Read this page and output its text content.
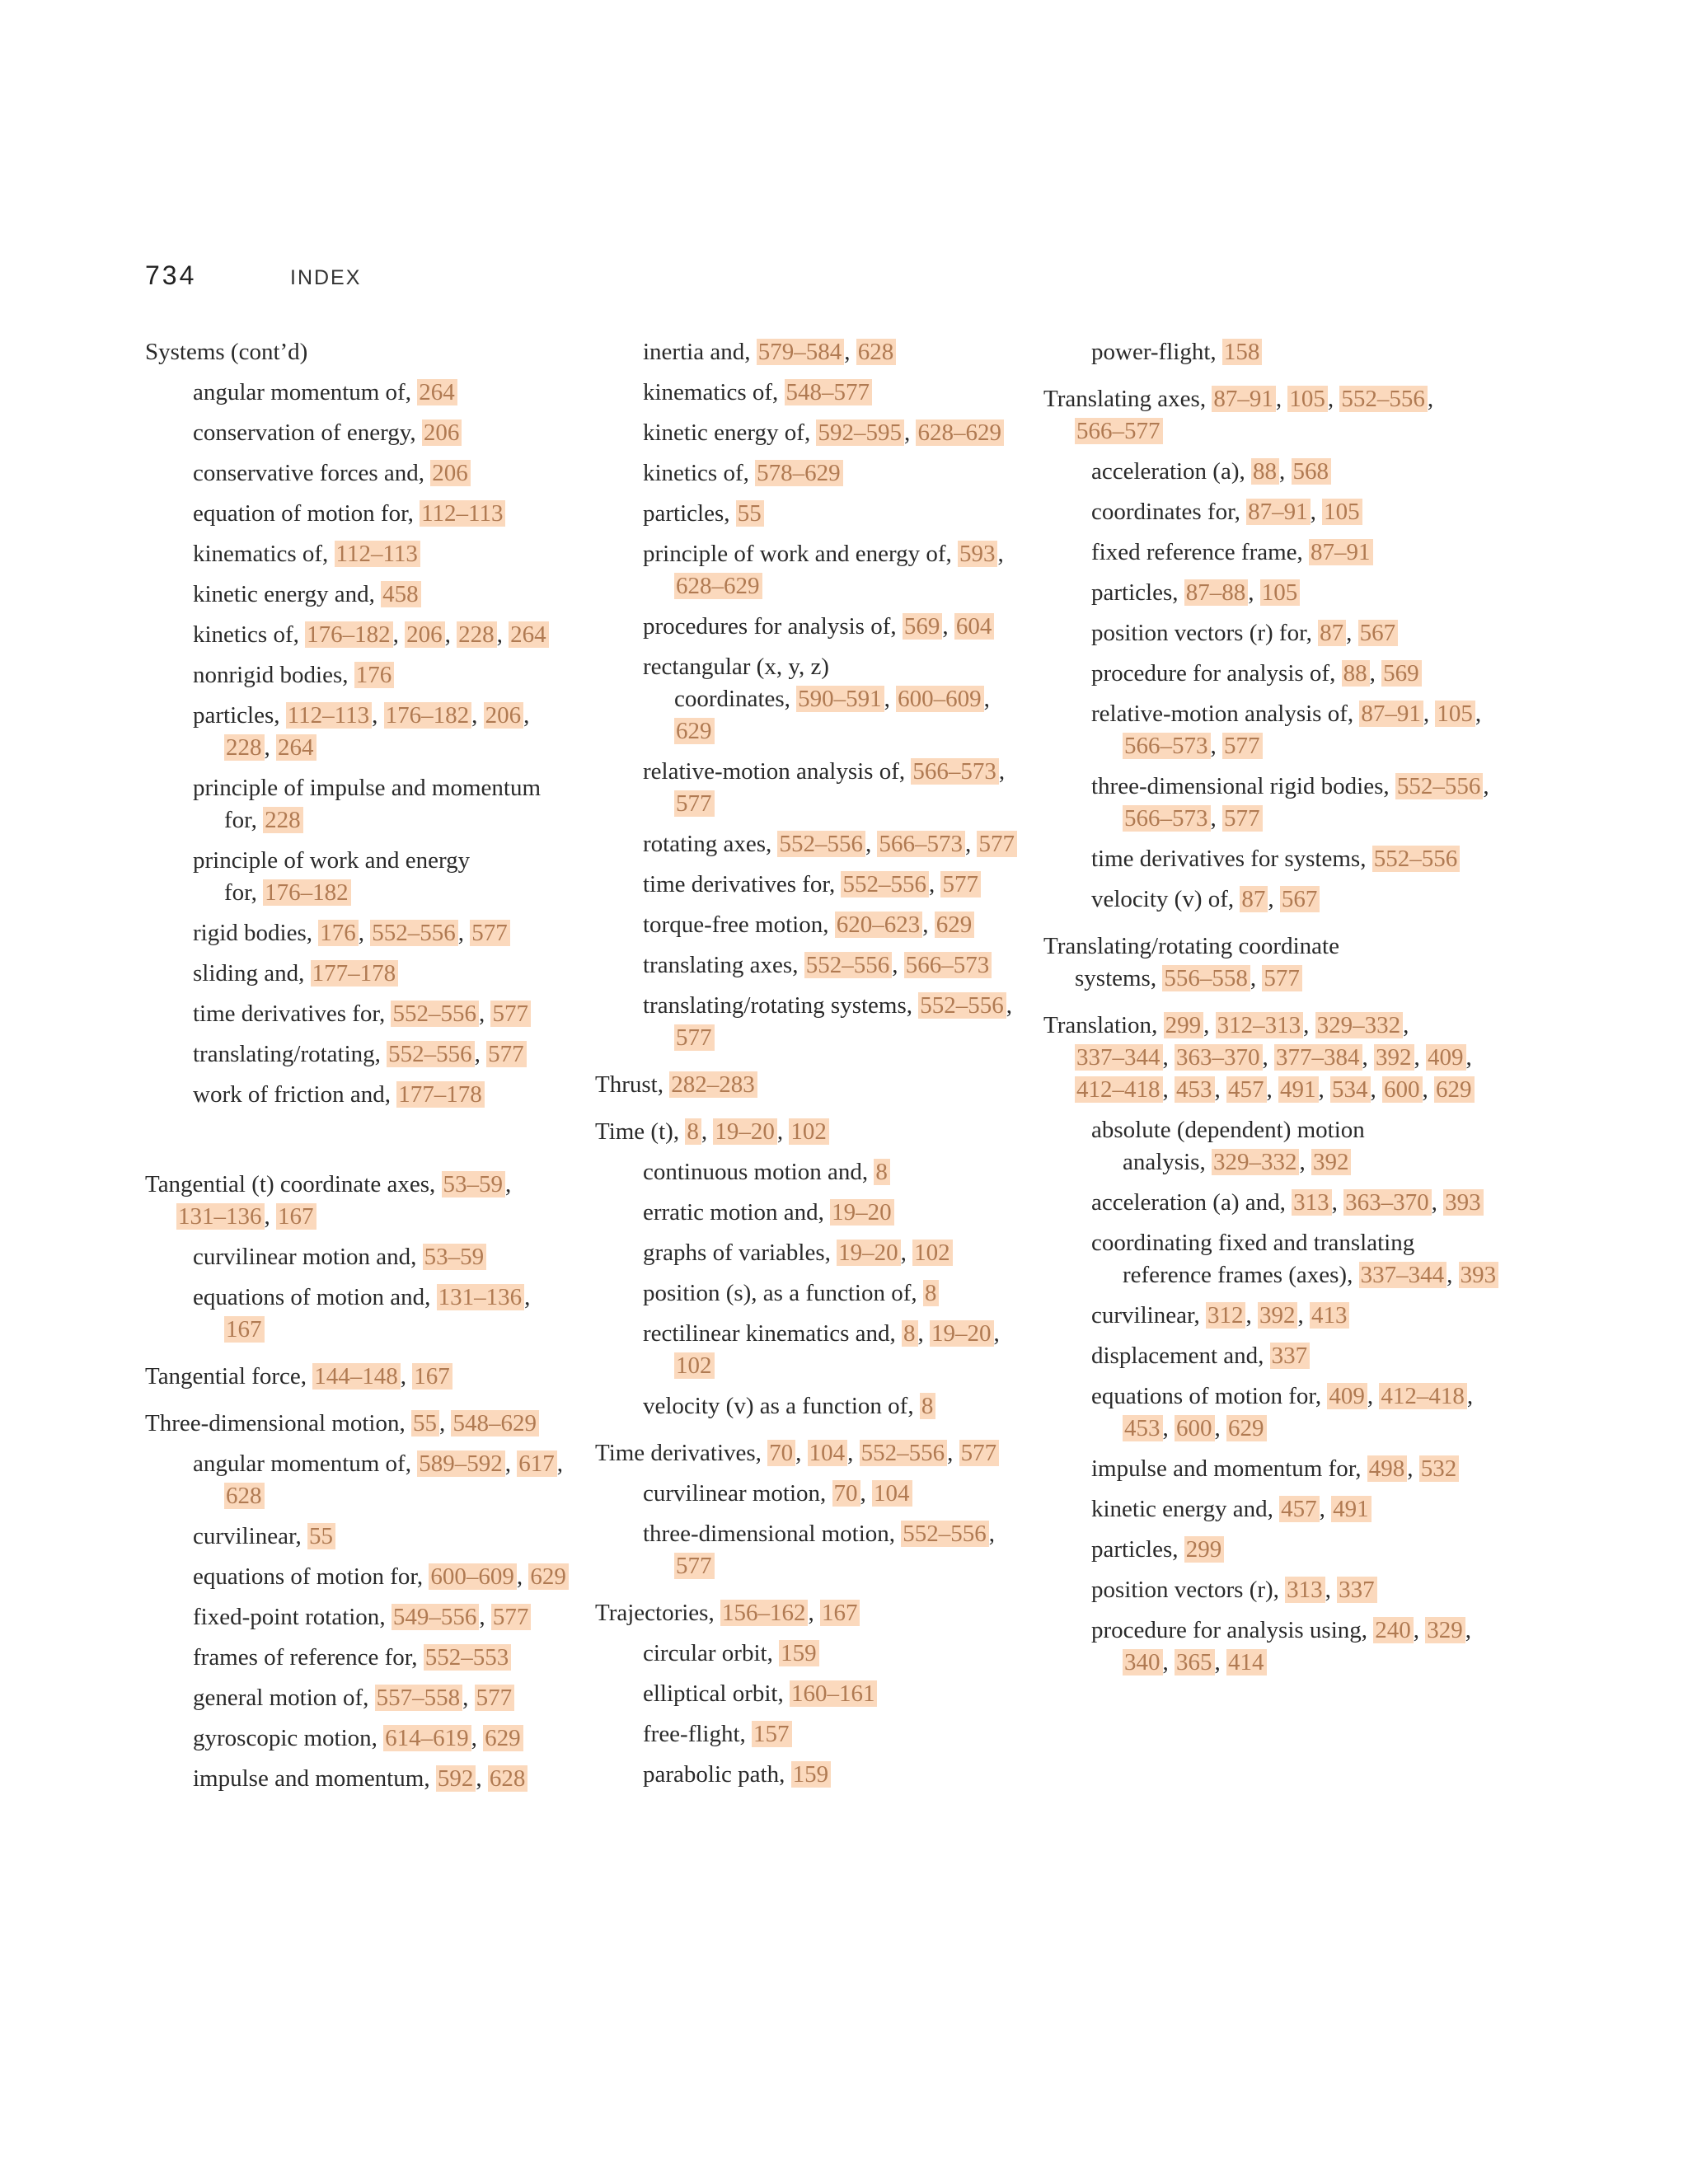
734	INDEX
Systems (cont’d)
angular momentum of, 264
conservation of energy, 206
conservative forces and, 206
equation of motion for, 112–113
kinematics of, 112–113
kinetic energy and, 458
kinetics of, 176–182 , 206 , 228 , 264
nonrigid bodies, 176
particles, 112–113 , 176–182 , 206 , 228 , 264
principle of impulse and momentum for, 228
principle of work and energy for, 176–182
rigid bodies, 176 , 552–556 , 577
sliding and, 177–178
time derivatives for, 552–556 , 577
translating/rotating, 552–556 , 577
work of friction and, 177–178
Tangential (t) coordinate axes, 53–59 , 131–136 , 167
curvilinear motion and, 53–59
equations of motion and, 131–136 , 167
Tangential force, 144–148 , 167
Three-dimensional motion, 55 , 548–629
angular momentum of, 589–592 , 617 , 628
curvilinear, 55
equations of motion for, 600–609 , 629
fixed-point rotation, 549–556 , 577
frames of reference for, 552–553
general motion of, 557–558 , 577
gyroscopic motion, 614–619 , 629
impulse and momentum, 592 , 628
inertia and, 579–584 , 628
kinematics of, 548–577
kinetic energy of, 592–595 , 628–629
kinetics of, 578–629
particles, 55
principle of work and energy of, 593 , 628–629
procedures for analysis of, 569 , 604
rectangular (x, y, z) coordinates, 590–591 , 600–609 , 629
relative-motion analysis of, 566–573 , 577
rotating axes, 552–556 , 566–573 , 577
time derivatives for, 552–556 , 577
torque-free motion, 620–623 , 629
translating axes, 552–556 , 566–573
translating/rotating systems, 552–556 , 577
Thrust, 282–283
Time (t), 8 , 19–20 , 102
continuous motion and, 8
erratic motion and, 19–20
graphs of variables, 19–20 , 102
position (s), as a function of, 8
rectilinear kinematics and, 8 , 19–20 , 102
velocity (v) as a function of, 8
Time derivatives, 70 , 104 , 552–556 , 577
curvilinear motion, 70 , 104
three-dimensional motion, 552–556 , 577
Trajectories, 156–162 , 167
circular orbit, 159
elliptical orbit, 160–161
free-flight, 157
parabolic path, 159
power-flight, 158
Translating axes, 87–91 , 105 , 552–556 , 566–577
acceleration (a), 88 , 568
coordinates for, 87–91 , 105
fixed reference frame, 87–91
particles, 87–88 , 105
position vectors (r) for, 87 , 567
procedure for analysis of, 88 , 569
relative-motion analysis of, 87–91 , 105 , 566–573 , 577
three-dimensional rigid bodies, 552–556 , 566–573 , 577
time derivatives for systems, 552–556
velocity (v) of, 87 , 567
Translating/rotating coordinate systems, 556–558 , 577
Translation, 299 , 312–313 , 329–332 , 337–344 , 363–370 , 377–384 , 392 , 409 , 412–418 , 453 , 457 , 491 , 534 , 600 , 629
absolute (dependent) motion analysis, 329–332 , 392
acceleration (a) and, 313 , 363–370 , 393
coordinating fixed and translating reference frames (axes), 337–344 , 393
curvilinear, 312 , 392 , 413
displacement and, 337
equations of motion for, 409 , 412–418 , 453 , 600 , 629
impulse and momentum for, 498 , 532
kinetic energy and, 457 , 491
particles, 299
position vectors (r), 313 , 337
procedure for analysis using, 240 , 329 , 340 , 365 , 414
